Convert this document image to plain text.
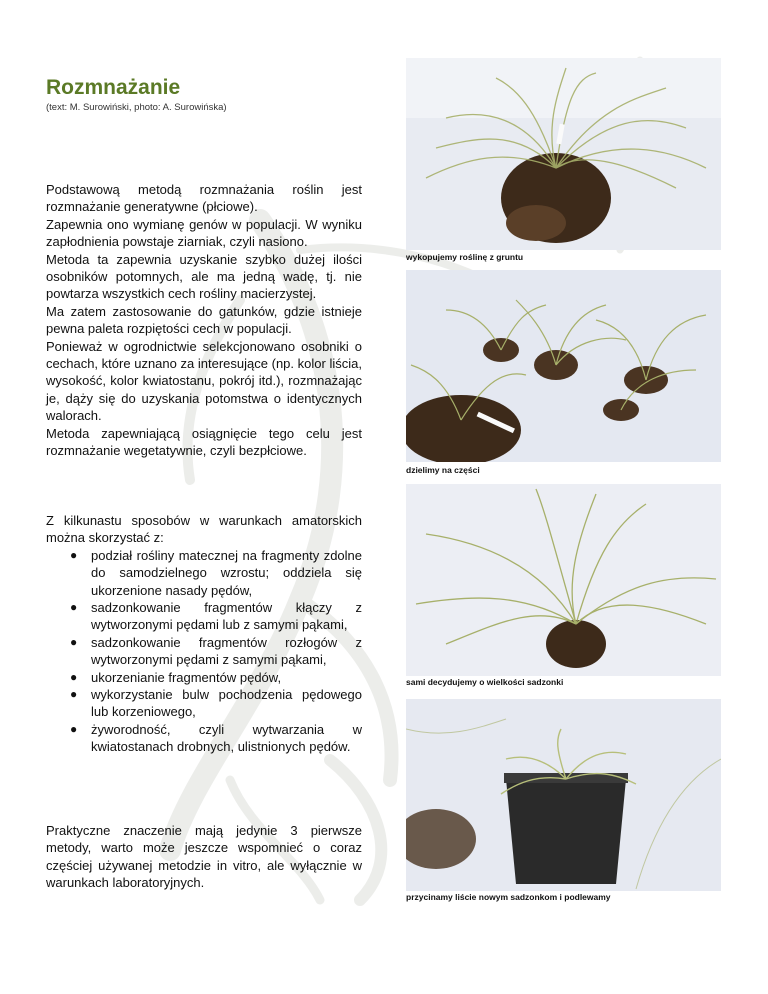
Rozmnażanie
(text: M. Surowiński, photo: A. Surowińska)

Podstawową metodą rozmnażania roślin jest rozmnażanie generatywne (płciowe).

Zapewnia ono wymianę genów w populacji. W wyniku zapłodnienia powstaje ziarniak, czyli nasiono.

Metoda ta zapewnia uzyskanie szybko dużej ilości osobników potomnych, ale ma jedną wadę, tj. nie powtarza wszystkich cech rośliny macierzystej.

Ma zatem zastosowanie do gatunków, gdzie istnieje pewna paleta rozpiętości cech w populacji.

Ponieważ w ogrodnictwie selekcjonowano osobniki o cechach, które uznano za interesujące (np. kolor liścia, wysokość, kolor kwiatostanu, pokrój itd.), rozmnażając je, dąży się do uzyskania potomstwa o identycznych walorach.

Metoda zapewniającą osiągnięcie tego celu jest rozmnażanie wegetatywnie, czyli bezpłciowe.

Z kilkunastu sposobów w warunkach amatorskich można skorzystać z:

● podział rośliny matecznej na fragmenty zdolne do samodzielnego wzrostu; oddziela się ukorzenione nasady pędów,
● sadzonkowanie fragmentów kłączy z wytworzonymi pędami lub z samymi pąkami,
● sadzonkowanie fragmentów rozłogów z wytworzonymi pędami z samymi pąkami,
● ukorzenianie fragmentów pędów,
● wykorzystanie bulw pochodzenia pędowego lub korzeniowego,
● żyworodność, czyli wytwarzania w kwiatostanach drobnych, ulistnionych pędów.

Praktyczne znaczenie mają jedynie 3 pierwsze metody, warto może jeszcze wspomnieć o coraz częściej używanej metodzie in vitro, ale wyłącznie w warunkach laboratoryjnych.

wykopujemy roślinę z gruntu
dzielimy na części
sami decydujemy o wielkości sadzonki
przycinamy liście nowym sadzonkom i podlewamy
